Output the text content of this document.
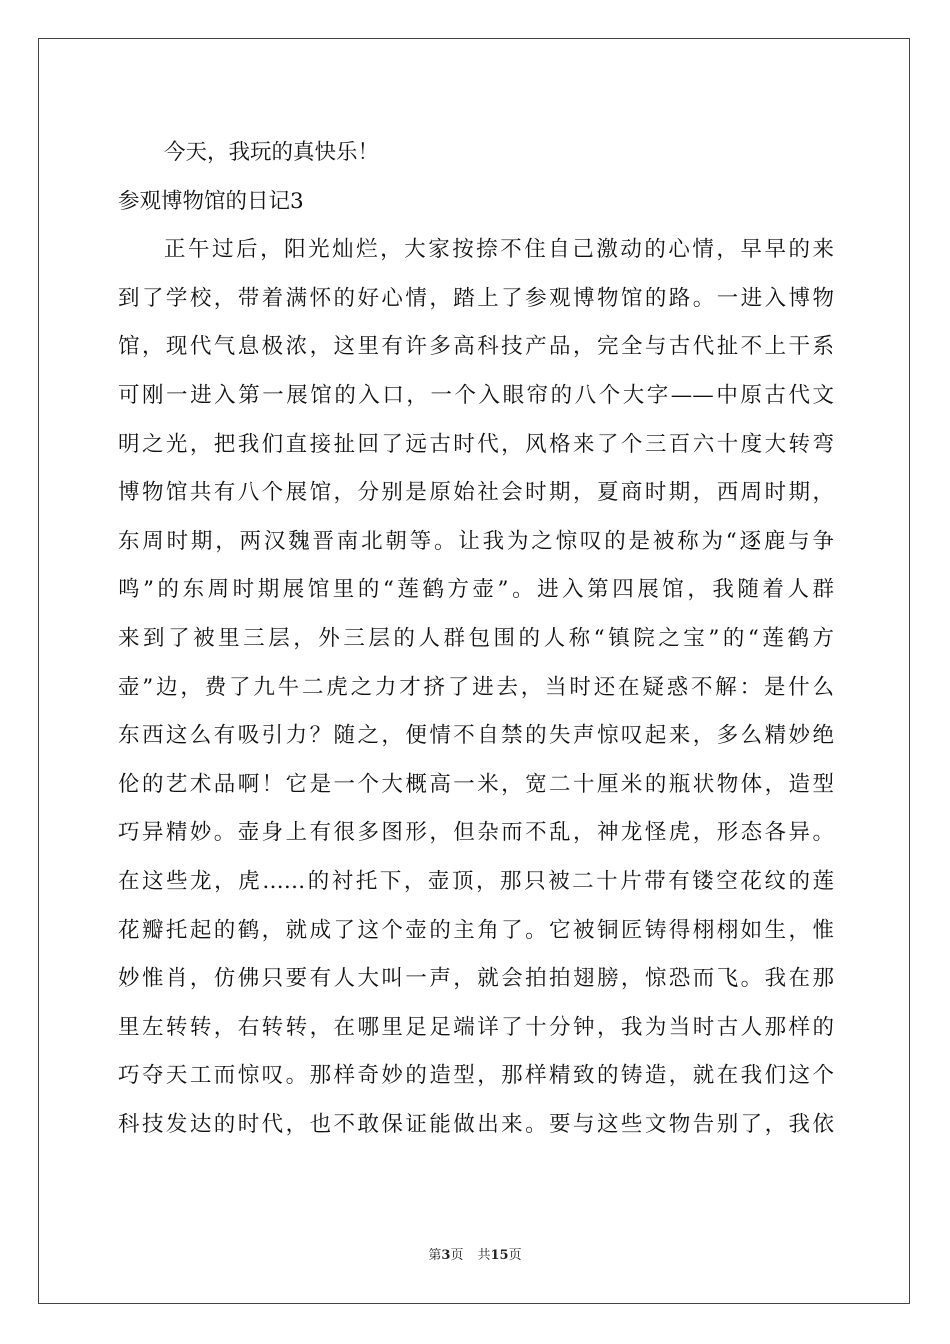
今天，我玩的真快乐！
参观博物馆的日记3
正午过后，阳光灿烂，大家按捺不住自己激动的心情，早早的来
到了学校，带着满怀的好心情，踏上了参观博物馆的路。一进入博物
馆，现代气息极浓，这里有许多高科技产品，完全与古代扯不上干系
可刚一进入第一展馆的入口，一个入眼帘的八个大字——中原古代文
明之光，把我们直接扯回了远古时代，风格来了个三百六十度大转弯
博物馆共有八个展馆，分别是原始社会时期，夏商时期，西周时期，
东周时期，两汉魏晋南北朝等。让我为之惊叹的是被称为“逐鹿与争
鸣”的东周时期展馆里的“莲鹤方壶”。进入第四展馆，我随着人群
来到了被里三层，外三层的人群包围的人称“镇院之宝”的“莲鹤方
壶”边，费了九牛二虎之力才挤了进去，当时还在疑惑不解：是什么
东西这么有吸引力？随之，便情不自禁的失声惊叹起来，多么精妙绝
伦的艺术品啊！它是一个大概高一米，宽二十厘米的瓶状物体，造型
巧异精妙。壶身上有很多图形，但杂而不乱，神龙怪虎，形态各异。
在这些龙，虎……的衬托下，壶顶，那只被二十片带有镂空花纹的莲
花瓣托起的鹤，就成了这个壶的主角了。它被铜匠铸得栩栩如生，惟
妙惟肖，仿佛只要有人大叫一声，就会拍拍翅膀，惊恐而飞。我在那
里左转转，右转转，在哪里足足端详了十分钟，我为当时古人那样的
巧夺天工而惊叹。那样奇妙的造型，那样精致的铸造，就在我们这个
科技发达的时代，也不敢保证能做出来。要与这些文物告别了，我依
第3页 共15页
